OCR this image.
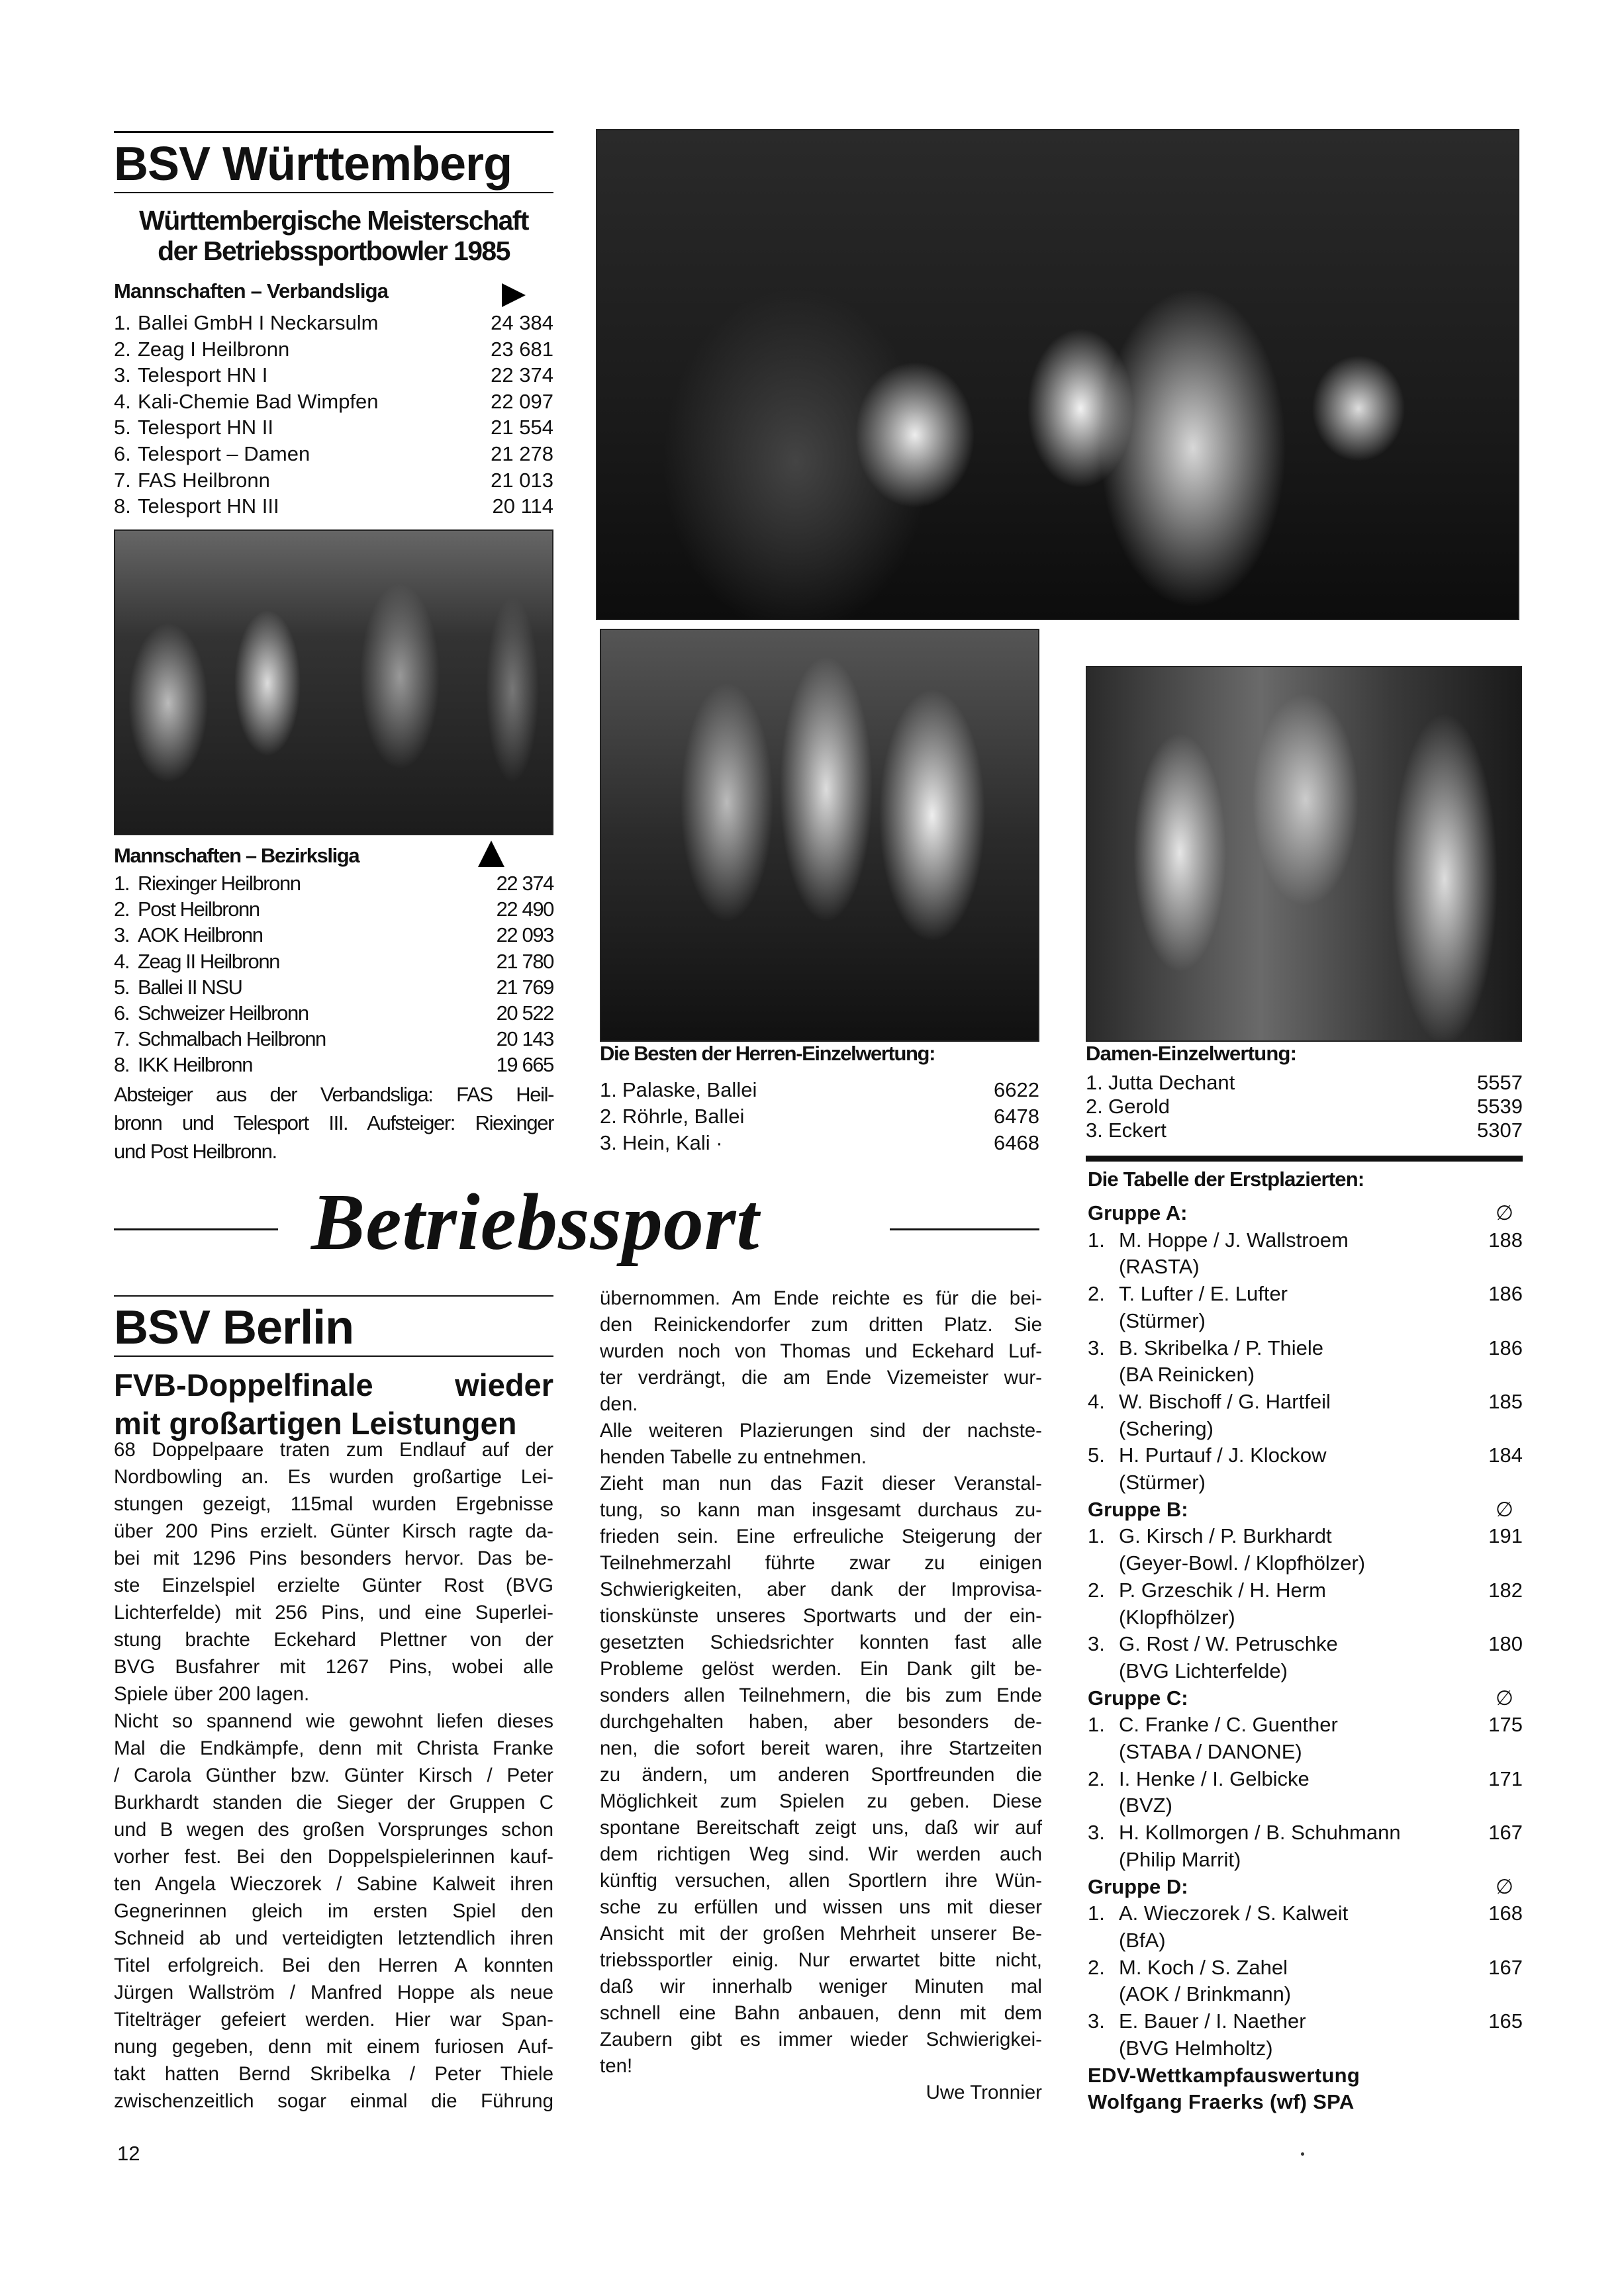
BSV Württemberg
Württembergische Meisterschaft
der Betriebssportbowler 1985
Mannschaften – Verbandsliga
1. Ballei GmbH I Neckarsulm	24 384
2. Zeag I Heilbronn	23 681
3. Telesport HN I	22 374
4. Kali-Chemie Bad Wimpfen	22 097
5. Telesport HN II	21 554
6. Telesport – Damen	21 278
7. FAS Heilbronn	21 013
8. Telesport HN III	20 114
Mannschaften – Bezirksliga
1. Riexinger Heilbronn	22 374
2. Post Heilbronn	22 490
3. AOK Heilbronn	22 093
4. Zeag II Heilbronn	21 780
5. Ballei II NSU	21 769
6. Schweizer Heilbronn	20 522
7. Schmalbach Heilbronn	20 143
8. IKK Heilbronn	19 665
Absteiger aus der Verbandsliga: FAS Heil-
bronn und Telesport III. Aufsteiger: Riexinger
und Post Heilbronn.
Die Besten der Herren-Einzelwertung:
1. Palaske, Ballei	6622
2. Röhrle, Ballei	6478
3. Hein, Kali ·	6468
Damen-Einzelwertung:
1. Jutta Dechant	5557
2. Gerold	5539
3. Eckert	5307
Betriebssport
BSV Berlin
FVB-Doppelfinale	wieder
mit großartigen Leistungen
68 Doppelpaare traten zum Endlauf auf der
Nordbowling an. Es wurden großartige Lei-
stungen gezeigt, 115mal wurden Ergebnisse
über 200 Pins erzielt. Günter Kirsch ragte da-
bei mit 1296 Pins besonders hervor. Das be-
ste Einzelspiel erzielte Günter Rost (BVG
Lichterfelde) mit 256 Pins, und eine Superlei-
stung brachte Eckehard Plettner von der
BVG Busfahrer mit 1267 Pins, wobei alle
Spiele über 200 lagen.
Nicht so spannend wie gewohnt liefen dieses
Mal die Endkämpfe, denn mit Christa Franke
/ Carola Günther bzw. Günter Kirsch / Peter
Burkhardt standen die Sieger der Gruppen C
und B wegen des großen Vorsprunges schon
vorher fest. Bei den Doppelspielerinnen kauf-
ten Angela Wieczorek / Sabine Kalweit ihren
Gegnerinnen gleich im ersten Spiel den
Schneid ab und verteidigten letztendlich ihren
Titel erfolgreich. Bei den Herren A konnten
Jürgen Wallström / Manfred Hoppe als neue
Titelträger gefeiert werden. Hier war Span-
nung gegeben, denn mit einem furiosen Auf-
takt hatten Bernd Skribelka / Peter Thiele
zwischenzeitlich sogar einmal die Führung
übernommen. Am Ende reichte es für die bei-
den Reinickendorfer zum dritten Platz. Sie
wurden noch von Thomas und Eckehard Luf-
ter verdrängt, die am Ende Vizemeister wur-
den.
Alle weiteren Plazierungen sind der nachste-
henden Tabelle zu entnehmen.
Zieht man nun das Fazit dieser Veranstal-
tung, so kann man insgesamt durchaus zu-
frieden sein. Eine erfreuliche Steigerung der
Teilnehmerzahl führte zwar zu einigen
Schwierigkeiten, aber dank der Improvisa-
tionskünste unseres Sportwarts und der ein-
gesetzten Schiedsrichter konnten fast alle
Probleme gelöst werden. Ein Dank gilt be-
sonders allen Teilnehmern, die bis zum Ende
durchgehalten haben, aber besonders de-
nen, die sofort bereit waren, ihre Startzeiten
zu ändern, um anderen Sportfreunden die
Möglichkeit zum Spielen zu geben. Diese
spontane Bereitschaft zeigt uns, daß wir auf
dem richtigen Weg sind. Wir werden auch
künftig versuchen, allen Sportlern ihre Wün-
sche zu erfüllen und wissen uns mit dieser
Ansicht mit der großen Mehrheit unserer Be-
triebssportler einig. Nur erwartet bitte nicht,
daß wir innerhalb weniger Minuten mal
schnell eine Bahn anbauen, denn mit dem
Zaubern gibt es immer wieder Schwierigkei-
ten!
Uwe Tronnier
Die Tabelle der Erstplazierten:
Gruppe A:	∅
1. M. Hoppe / J. Wallstroem	188
(RASTA)
2. T. Lufter / E. Lufter	186
(Stürmer)
3. B. Skribelka / P. Thiele	186
(BA Reinicken)
4. W. Bischoff / G. Hartfeil	185
(Schering)
5. H. Purtauf / J. Klockow	184
(Stürmer)
Gruppe B:	∅
1. G. Kirsch / P. Burkhardt	191
(Geyer-Bowl. / Klopfhölzer)
2. P. Grzeschik / H. Herm	182
(Klopfhölzer)
3. G. Rost / W. Petruschke	180
(BVG Lichterfelde)
Gruppe C:	∅
1. C. Franke / C. Guenther	175
(STABA / DANONE)
2. I. Henke / I. Gelbicke	171
(BVZ)
3. H. Kollmorgen / B. Schuhmann	167
(Philip Marrit)
Gruppe D:	∅
1. A. Wieczorek / S. Kalweit	168
(BfA)
2. M. Koch / S. Zahel	167
(AOK / Brinkmann)
3. E. Bauer / I. Naether	165
(BVG Helmholtz)
EDV-Wettkampfauswertung
Wolfgang Fraerks (wf) SPA
12
